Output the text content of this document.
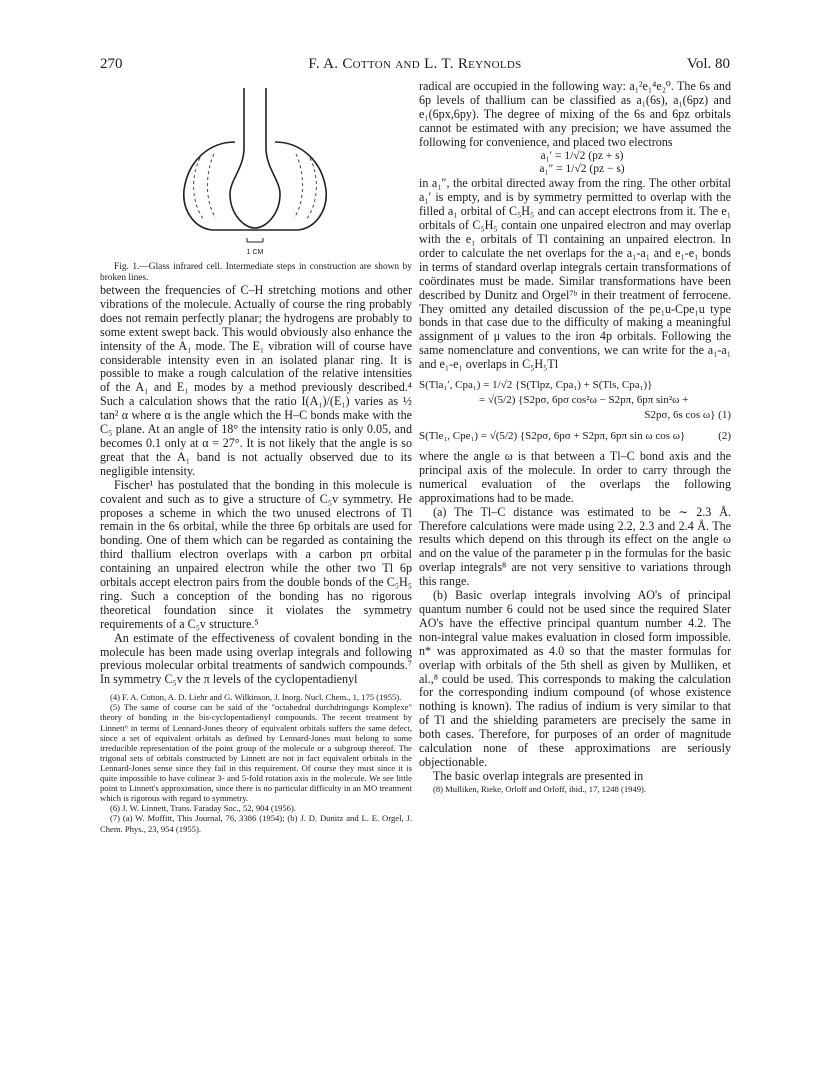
270	F. A. Cotton and L. T. Reynolds	Vol. 80
1 CM

Fig. 1.—Glass infrared cell. Intermediate steps in construction are shown by broken lines.

between the frequencies of C–H stretching motions and other vibrations of the molecule. Actually of course the ring probably does not remain perfectly planar; the hydrogens are probably to some extent swept back. This would obviously also enhance the intensity of the A₁ mode. The E₁ vibration will of course have considerable intensity even in an isolated planar ring. It is possible to make a rough calculation of the relative intensities of the A₁ and E₁ modes by a method previously described.⁴ Such a calculation shows that the ratio I(A₁)/(E₁) varies as ½ tan² α where α is the angle which the H–C bonds make with the C₅ plane. At an angle of 18° the intensity ratio is only 0.05, and becomes 0.1 only at α = 27°. It is not likely that the angle is so great that the A₁ band is not actually observed due to its negligible intensity.

Fischer¹ has postulated that the bonding in this molecule is covalent and such as to give a structure of C₅v symmetry. He proposes a scheme in which the two unused electrons of Tl remain in the 6s orbital, while the three 6p orbitals are used for bonding. One of them which can be regarded as containing the third thallium electron overlaps with a carbon pπ orbital containing an unpaired electron while the other two Tl 6p orbitals accept electron pairs from the double bonds of the C₅H₅ ring. Such a conception of the bonding has no rigorous theoretical foundation since it violates the symmetry requirements of a C₅v structure.⁵

An estimate of the effectiveness of covalent bonding in the molecule has been made using overlap integrals and following previous molecular orbital treatments of sandwich compounds.⁷ In symmetry C₅v the π levels of the cyclopentadienyl

(4) F. A. Cotton, A. D. Liehr and G. Wilkinson, J. Inorg. Nucl. Chem., 1, 175 (1955).

(5) The same of course can be said of the "octahedral durchdringungs Komplexe" theory of bonding in the bis-cyclopentadienyl compounds. The recent treatment by Linnett⁶ in terms of Lennard-Jones theory of equivalent orbitals suffers the same defect, since a set of equivalent orbitals as defined by Lennard-Jones must belong to some irreducible representation of the point group of the molecule or a subgroup thereof. The trigonal sets of orbitals constructed by Linnett are not in fact equivalent orbitals in the Lennard-Jones sense since they fail in this requirement. Of course they must since it is quite impossible to have colinear 3- and 5-fold rotation axis in the molecule. We see little point to Linnett's approximation, since there is no particular difficulty in an MO treatment which is rigorous with regard to symmetry.

(6) J. W. Linnett, Trans. Faraday Soc., 52, 904 (1956).

(7) (a) W. Moffitt, This Journal, 76, 3386 (1954); (b) J. D. Dunitz and L. E. Orgel, J. Chem. Phys., 23, 954 (1955).

radical are occupied in the following way: a₁²e₁⁴e₂⁰. The 6s and 6p levels of thallium can be classified as a₁(6s), a₁(6pz) and e₁(6px,6py). The degree of mixing of the 6s and 6pz orbitals cannot be estimated with any precision; we have assumed the following for convenience, and placed two electrons

a₁′ = 1/√2 (pz + s)

a₁″ = 1/√2 (pz − s)

in a₁″, the orbital directed away from the ring. The other orbital a₁′ is empty, and is by symmetry permitted to overlap with the filled a₁ orbital of C₅H₅ and can accept electrons from it. The e₁ orbitals of C₅H₅ contain one unpaired electron and may overlap with the e₁ orbitals of Tl containing an unpaired electron. In order to calculate the net overlaps for the a₁-a₁ and e₁-e₁ bonds in terms of standard overlap integrals certain transformations of coördinates must be made. Similar transformations have been described by Dunitz and Orgel⁷ᵇ in their treatment of ferrocene. They omitted any detailed discussion of the pe₁u-Cpe₁u type bonds in that case due to the difficulty of making a meaningful assignment of μ values to the iron 4p orbitals. Following the same nomenclature and conventions, we can write for the a₁-a₁ and e₁-e₁ overlaps in C₅H₅Tl

S(Tla₁′, Cpa₁) = 1/√2 {S(Tlpz, Cpa₁) + S(Tls, Cpa₁)}
= √(5/2) {S2pσ, 6pσ cos²ω − S2pπ, 6pπ sin²ω +
S2pσ, 6s cos ω} (1)
(2)
S(Tle₁, Cpe₁) = √(5/2) {S2pσ, 6pσ + S2pπ, 6pπ sin ω cos ω}

where the angle ω is that between a Tl–C bond axis and the principal axis of the molecule. In order to carry through the numerical evaluation of the overlaps the following approximations had to be made.

(a) The Tl–C distance was estimated to be ∼ 2.3 Å. Therefore calculations were made using 2.2, 2.3 and 2.4 Å. The results which depend on this through its effect on the angle ω and on the value of the parameter p in the formulas for the basic overlap integrals⁸ are not very sensitive to variations through this range.

(b) Basic overlap integrals involving AO's of principal quantum number 6 could not be used since the required Slater AO's have the effective principal quantum number 4.2. The non-integral value makes evaluation in closed form impossible. n* was approximated as 4.0 so that the master formulas for overlap with orbitals of the 5th shell as given by Mulliken, et al.,⁸ could be used. This corresponds to making the calculation for the corresponding indium compound (of whose existence nothing is known). The radius of indium is very similar to that of Tl and the shielding parameters are precisely the same in both cases. Therefore, for purposes of an order of magnitude calculation none of these approximations are seriously objectionable.

The basic overlap integrals are presented in

(8) Mulliken, Rieke, Orloff and Orloff, ibid., 17, 1248 (1949).
